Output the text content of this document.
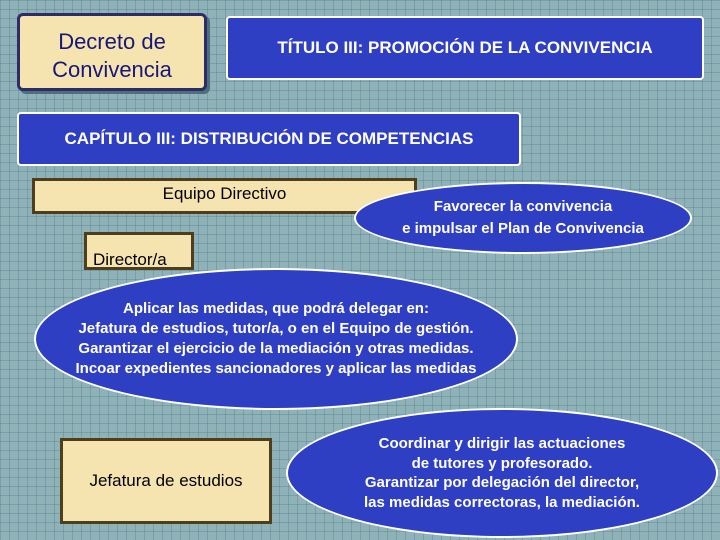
Decreto de
Convivencia
TÍTULO III: PROMOCIÓN DE LA CONVIVENCIA
CAPÍTULO III: DISTRIBUCIÓN DE COMPETENCIAS
Equipo Directivo
Favorecer la convivencia
e impulsar el Plan de Convivencia
Director/a
Aplicar las medidas, que podrá delegar en:
Jefatura de estudios, tutor/a, o en el Equipo de gestión.
Garantizar el ejercicio de la mediación y otras medidas.
Incoar expedientes sancionadores y aplicar las medidas
Jefatura de estudios
Coordinar y dirigir las actuaciones
de tutores y profesorado.
Garantizar por delegación del director,
las medidas correctoras, la mediación.
